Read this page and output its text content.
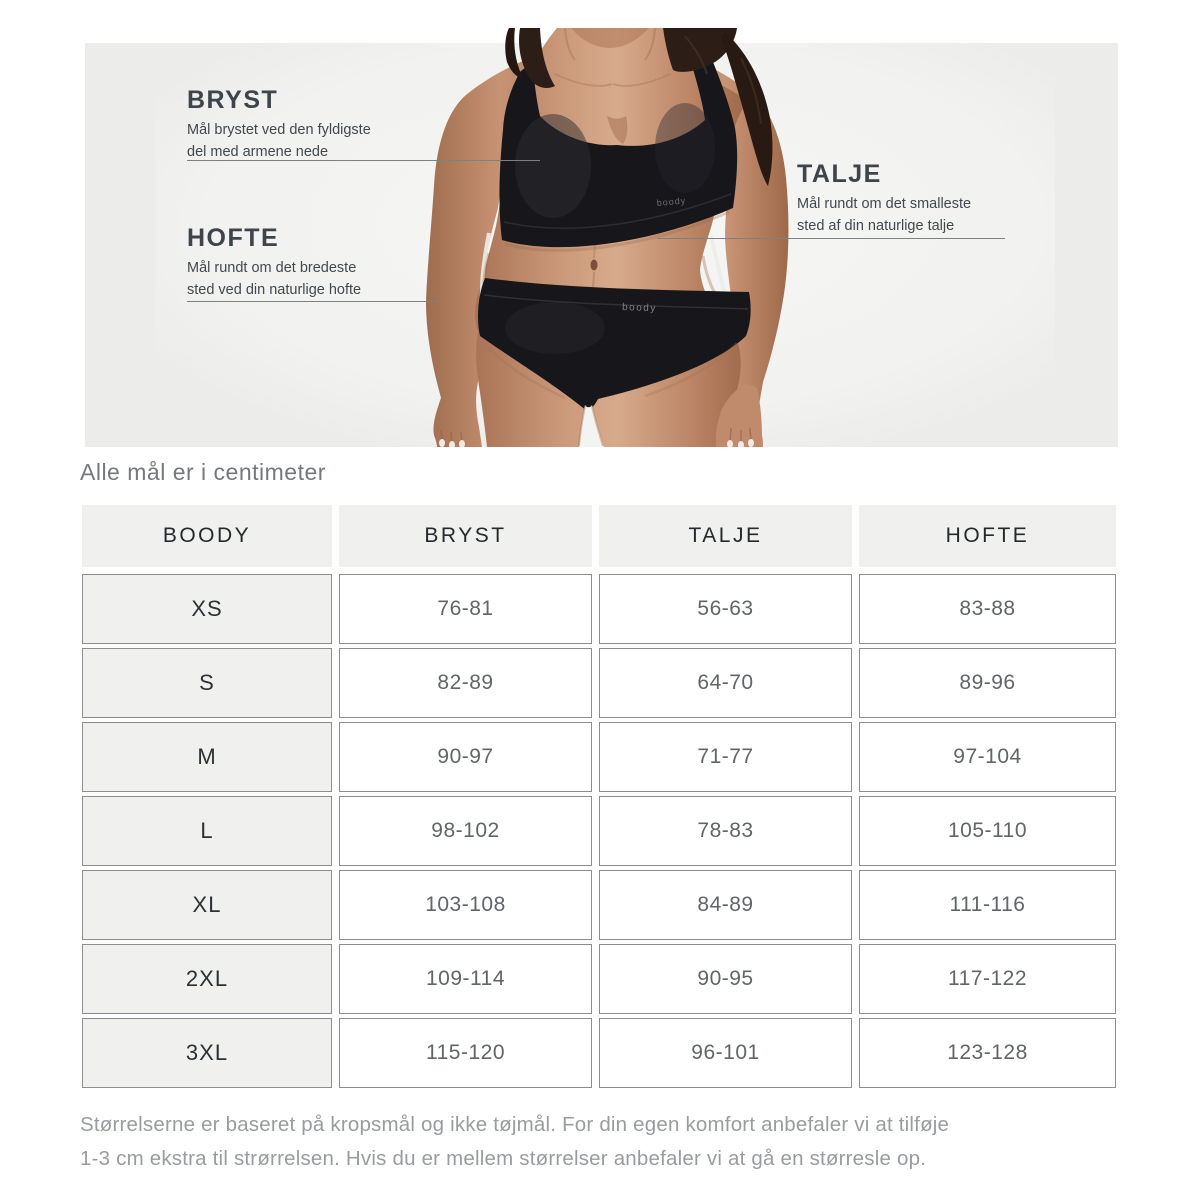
boody
boody
BRYST
Mål brystet ved den fyldigste
del med armene nede
TALJE
Mål rundt om det smalleste
sted af din naturlige talje
HOFTE
Mål rundt om det bredeste
sted ved din naturlige hofte
Alle mål er i centimeter
BOODY	BRYST	TALJE	HOFTE
XS	76-81	56-63	83-88
S	82-89	64-70	89-96
M	90-97	71-77	97-104
L	98-102	78-83	105-110
XL	103-108	84-89	111-116
2XL	109-114	90-95	117-122
3XL	115-120	96-101	123-128
Størrelserne er baseret på kropsmål og ikke tøjmål. For din egen komfort anbefaler vi at tilføje
1-3 cm ekstra til strørrelsen. Hvis du er mellem størrelser anbefaler vi at gå en størresle op.
